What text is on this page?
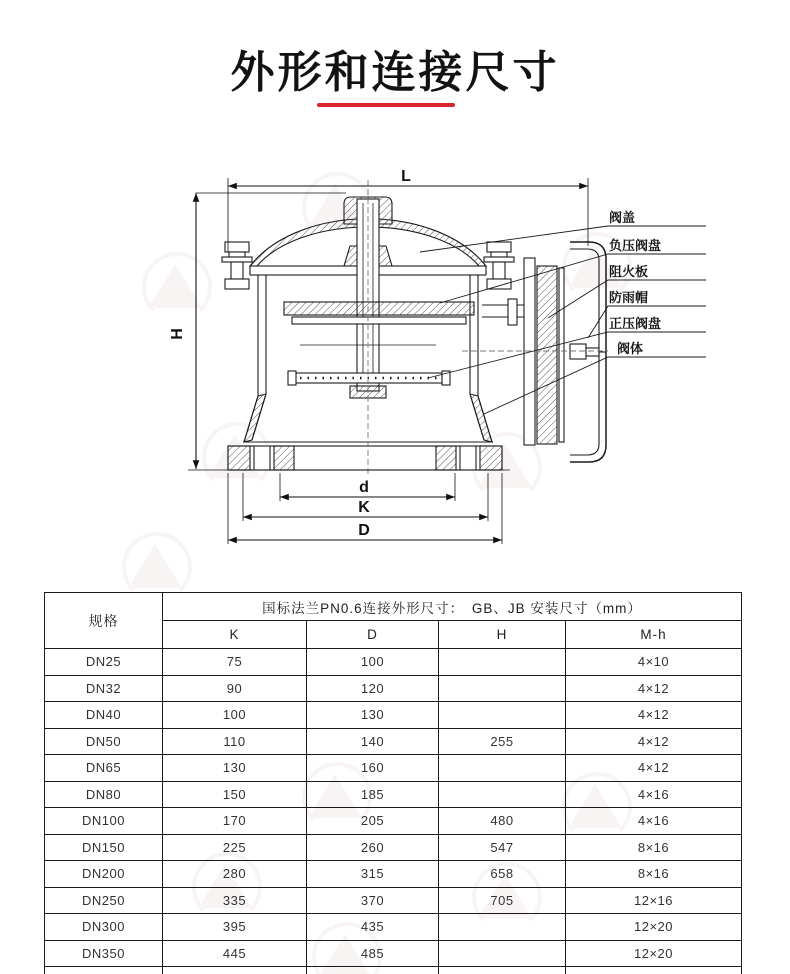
外形和连接尺寸
阀盖
负压阀盘
阻火板
防雨帽
正压阀盘
阀体
L
H
d
K
D
规格	国标法兰PN0.6连接外形尺寸：　GB、JB 安装尺寸（mm）			
	K	D	H	M-h
DN25	75	100		4×10
DN32	90	120		4×12
DN40	100	130		4×12
DN50	110	140	255	4×12
DN65	130	160		4×12
DN80	150	185		4×16
DN100	170	205	480	4×16
DN150	225	260	547	8×16
DN200	280	315	658	8×16
DN250	335	370	705	12×16
DN300	395	435		12×20
DN350	445	485		12×20
